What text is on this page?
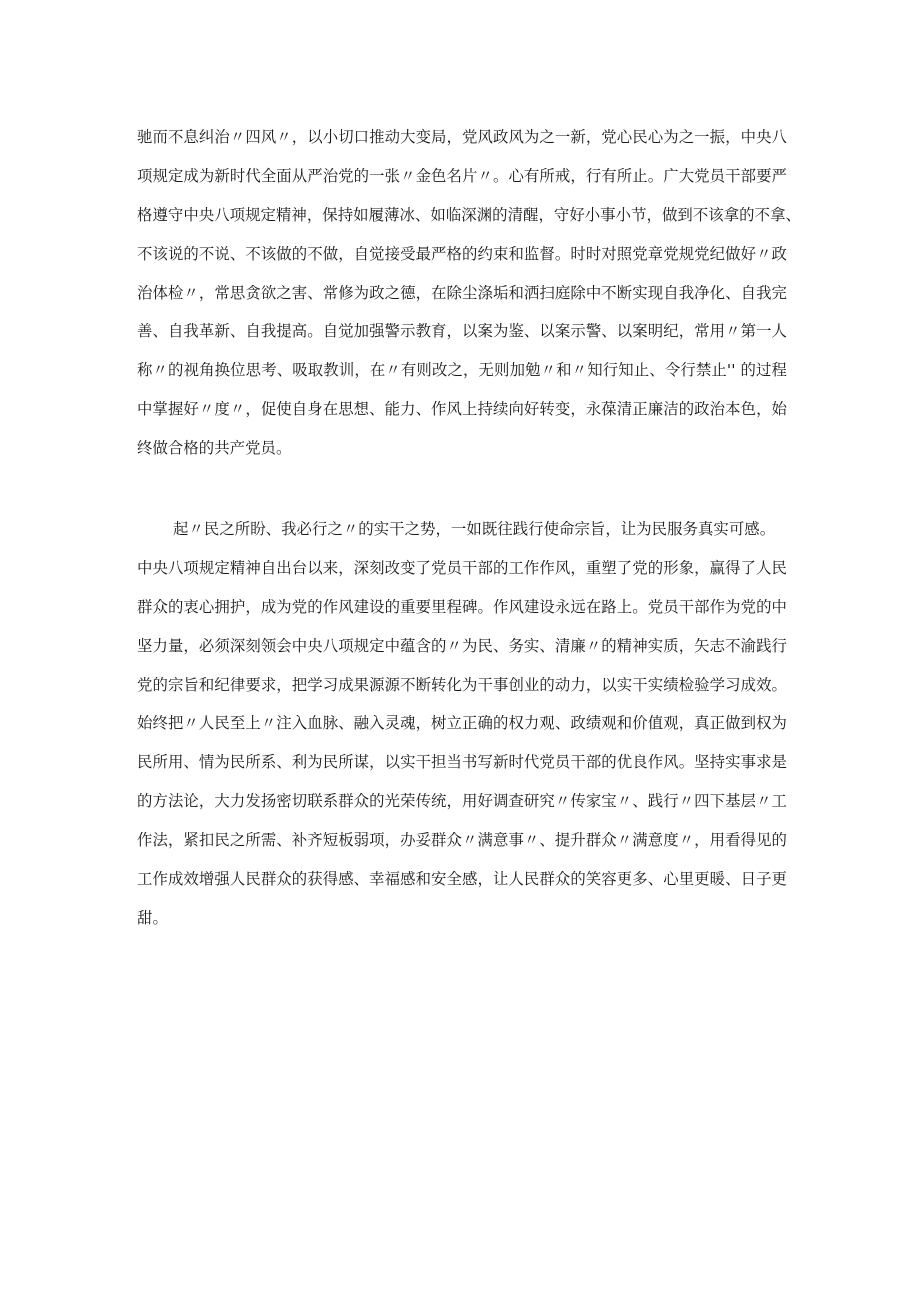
驰而不息纠治〃四风〃，以小切口推动大变局，党风政风为之一新，党心民心为之一振，中央八
项规定成为新时代全面从严治党的一张〃金色名片〃。心有所戒，行有所止。广大党员干部要严
格遵守中央八项规定精神，保持如履薄冰、如临深渊的清醒，守好小事小节，做到不该拿的不拿、
不该说的不说、不该做的不做，自觉接受最严格的约束和监督。时时对照党章党规党纪做好〃政
治体检〃，常思贪欲之害、常修为政之德，在除尘涤垢和洒扫庭除中不断实现自我净化、自我完
善、自我革新、自我提高。自觉加强警示教育，以案为鉴、以案示警、以案明纪，常用〃第一人
称〃的视角换位思考、吸取教训，在〃有则改之，无则加勉〃和〃知行知止、令行禁止'' 的过程
中掌握好〃度〃，促使自身在思想、能力、作风上持续向好转变，永葆清正廉洁的政治本色，始
终做合格的共产党员。
起〃民之所盼、我必行之〃的实干之势，一如既往践行使命宗旨，让为民服务真实可感。
中央八项规定精神自出台以来，深刻改变了党员干部的工作作风，重塑了党的形象，赢得了人民
群众的衷心拥护，成为党的作风建设的重要里程碑。作风建设永远在路上。党员干部作为党的中
坚力量，必须深刻领会中央八项规定中蕴含的〃为民、务实、清廉〃的精神实质，矢志不渝践行
党的宗旨和纪律要求，把学习成果源源不断转化为干事创业的动力，以实干实绩检验学习成效。
始终把〃人民至上〃注入血脉、融入灵魂，树立正确的权力观、政绩观和价值观，真正做到权为
民所用、情为民所系、利为民所谋，以实干担当书写新时代党员干部的优良作风。坚持实事求是
的方法论，大力发扬密切联系群众的光荣传统，用好调查研究〃传家宝〃、践行〃四下基层〃工
作法，紧扣民之所需、补齐短板弱项，办妥群众〃满意事〃、提升群众〃满意度〃，用看得见的
工作成效增强人民群众的获得感、幸福感和安全感，让人民群众的笑容更多、心里更暖、日子更
甜。
